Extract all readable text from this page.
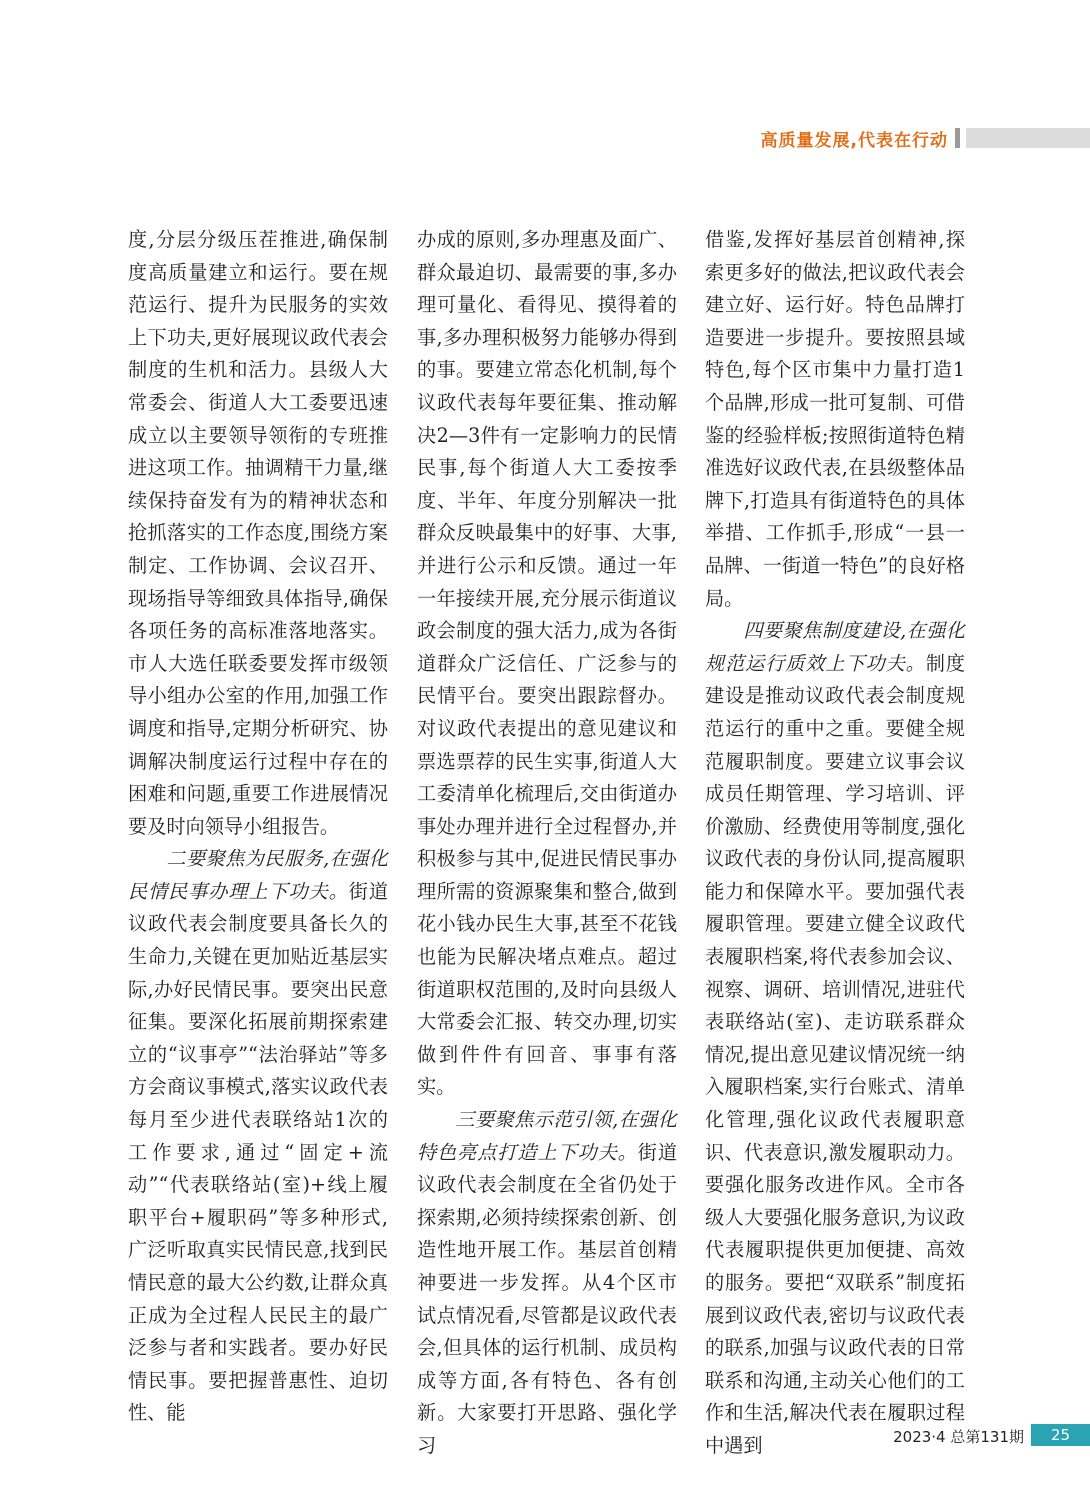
高质量发展,代表在行动

度,分层分级压茬推进,确保制度高质量建立和运行。要在规范运行、提升为民服务的实效上下功夫,更好展现议政代表会制度的生机和活力。县级人大常委会、街道人大工委要迅速成立以主要领导领衔的专班推进这项工作。抽调精干力量,继续保持奋发有为的精神状态和抢抓落实的工作态度,围绕方案制定、工作协调、会议召开、现场指导等细致具体指导,确保各项任务的高标准落地落实。市人大选任联委要发挥市级领导小组办公室的作用,加强工作调度和指导,定期分析研究、协调解决制度运行过程中存在的困难和问题,重要工作进展情况要及时向领导小组报告。

二要聚焦为民服务,在强化民情民事办理上下功夫。街道议政代表会制度要具备长久的生命力,关键在更加贴近基层实际,办好民情民事。要突出民意征集。要深化拓展前期探索建立的“议事亭”“法治驿站”等多方会商议事模式,落实议政代表每月至少进代表联络站1次的工作要求,通过“固定+流动”“代表联络站(室)+线上履职平台+履职码”等多种形式,广泛听取真实民情民意,找到民情民意的最大公约数,让群众真正成为全过程人民民主的最广泛参与者和实践者。要办好民情民事。要把握普惠性、迫切性、能

办成的原则,多办理惠及面广、群众最迫切、最需要的事,多办理可量化、看得见、摸得着的事,多办理积极努力能够办得到的事。要建立常态化机制,每个议政代表每年要征集、推动解决2—3件有一定影响力的民情民事,每个街道人大工委按季度、半年、年度分别解决一批群众反映最集中的好事、大事,并进行公示和反馈。通过一年一年接续开展,充分展示街道议政会制度的强大活力,成为各街道群众广泛信任、广泛参与的民情平台。要突出跟踪督办。对议政代表提出的意见建议和票选票荐的民生实事,街道人大工委清单化梳理后,交由街道办事处办理并进行全过程督办,并积极参与其中,促进民情民事办理所需的资源聚集和整合,做到花小钱办民生大事,甚至不花钱也能为民解决堵点难点。超过街道职权范围的,及时向县级人大常委会汇报、转交办理,切实做到件件有回音、事事有落实。

三要聚焦示范引领,在强化特色亮点打造上下功夫。街道议政代表会制度在全省仍处于探索期,必须持续探索创新、创造性地开展工作。基层首创精神要进一步发挥。从4个区市试点情况看,尽管都是议政代表会,但具体的运行机制、成员构成等方面,各有特色、各有创新。大家要打开思路、强化学习

借鉴,发挥好基层首创精神,探索更多好的做法,把议政代表会建立好、运行好。特色品牌打造要进一步提升。要按照县域特色,每个区市集中力量打造1个品牌,形成一批可复制、可借鉴的经验样板;按照街道特色精准选好议政代表,在县级整体品牌下,打造具有街道特色的具体举措、工作抓手,形成“一县一品牌、一街道一特色”的良好格局。

四要聚焦制度建设,在强化规范运行质效上下功夫。制度建设是推动议政代表会制度规范运行的重中之重。要健全规范履职制度。要建立议事会议成员任期管理、学习培训、评价激励、经费使用等制度,强化议政代表的身份认同,提高履职能力和保障水平。要加强代表履职管理。要建立健全议政代表履职档案,将代表参加会议、视察、调研、培训情况,进驻代表联络站(室)、走访联系群众情况,提出意见建议情况统一纳入履职档案,实行台账式、清单化管理,强化议政代表履职意识、代表意识,激发履职动力。要强化服务改进作风。全市各级人大要强化服务意识,为议政代表履职提供更加便捷、高效的服务。要把“双联系”制度拓展到议政代表,密切与议政代表的联系,加强与议政代表的日常联系和沟通,主动关心他们的工作和生活,解决代表在履职过程中遇到	2023·4 总第131期	25
